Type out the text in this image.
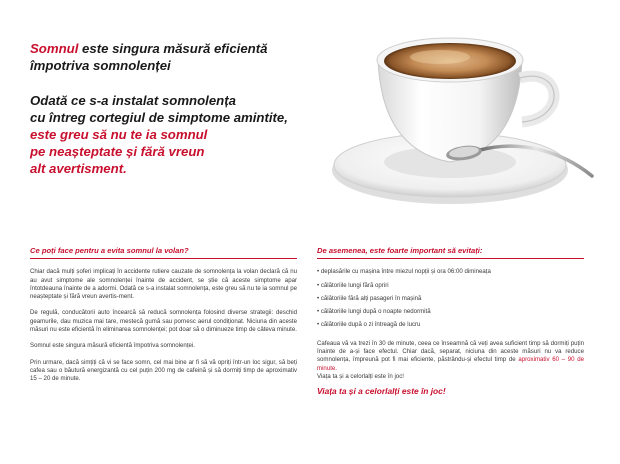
Somnul este singura măsură eficientă

împotriva somnolenței

Odată ce s-a instalat somnolența

cu întreg cortegiul de simptome amintite,

este greu să nu te ia somnul

pe neașteptate și fără vreun

alt avertisment.

Ce poți face pentru a evita somnul la volan?

Chiar dacă mulți șoferi implicați în accidente rutiere cauzate de somnolența la volan declară că nu au avut simptome ale somnolenței înainte de accident, se știe că aceste simptome apar întotdeauna înainte de a adormi. Odată ce s-a instalat somnolența, este greu să nu te ia somnul pe neașteptate și fără vreun avertis-ment.

De regulă, conducătorii auto încearcă să reducă somnolența folosind diverse strategii: deschid geamurile, dau muzica mai tare, mestecă gumă sau pornesc aerul condiționat. Niciuna din aceste măsuri nu este eficientă în eliminarea somnolenței; pot doar să o diminueze timp de câteva minute.

Somnul este singura măsură eficientă împotriva somnolenței.

Prin urmare, dacă simțiți că vi se face somn, cel mai bine ar fi să vă opriți într-un loc sigur, să beți cafea sau o băutură energizantă cu cel puțin 200 mg de cafeină și să dormiți timp de aproximativ 15 – 20 de minute.

De asemenea, este foarte important să evitați:
• deplasările cu mașina între miezul nopții și ora 06:00 dimineața
• călătoriile lungi fără opriri
• călătoriile fără alți pasageri în mașină
• călătoriile lungi după o noapte nedormită
• călătoriile după o zi întreagă de lucru

Cafeaua vă va trezi în 30 de minute, ceea ce înseamnă că veți avea suficient timp să dormiți puțin înainte de a-și face efectul. Chiar dacă, separat, niciuna din aceste măsuri nu va reduce somnolența, împreună pot fi mai eficiente, păstrându-și efectul timp de aproximativ 60 – 90 de minute.
Viața ta și a celorlalți este în joc!

Viața ta și a celorlalți este în joc!
